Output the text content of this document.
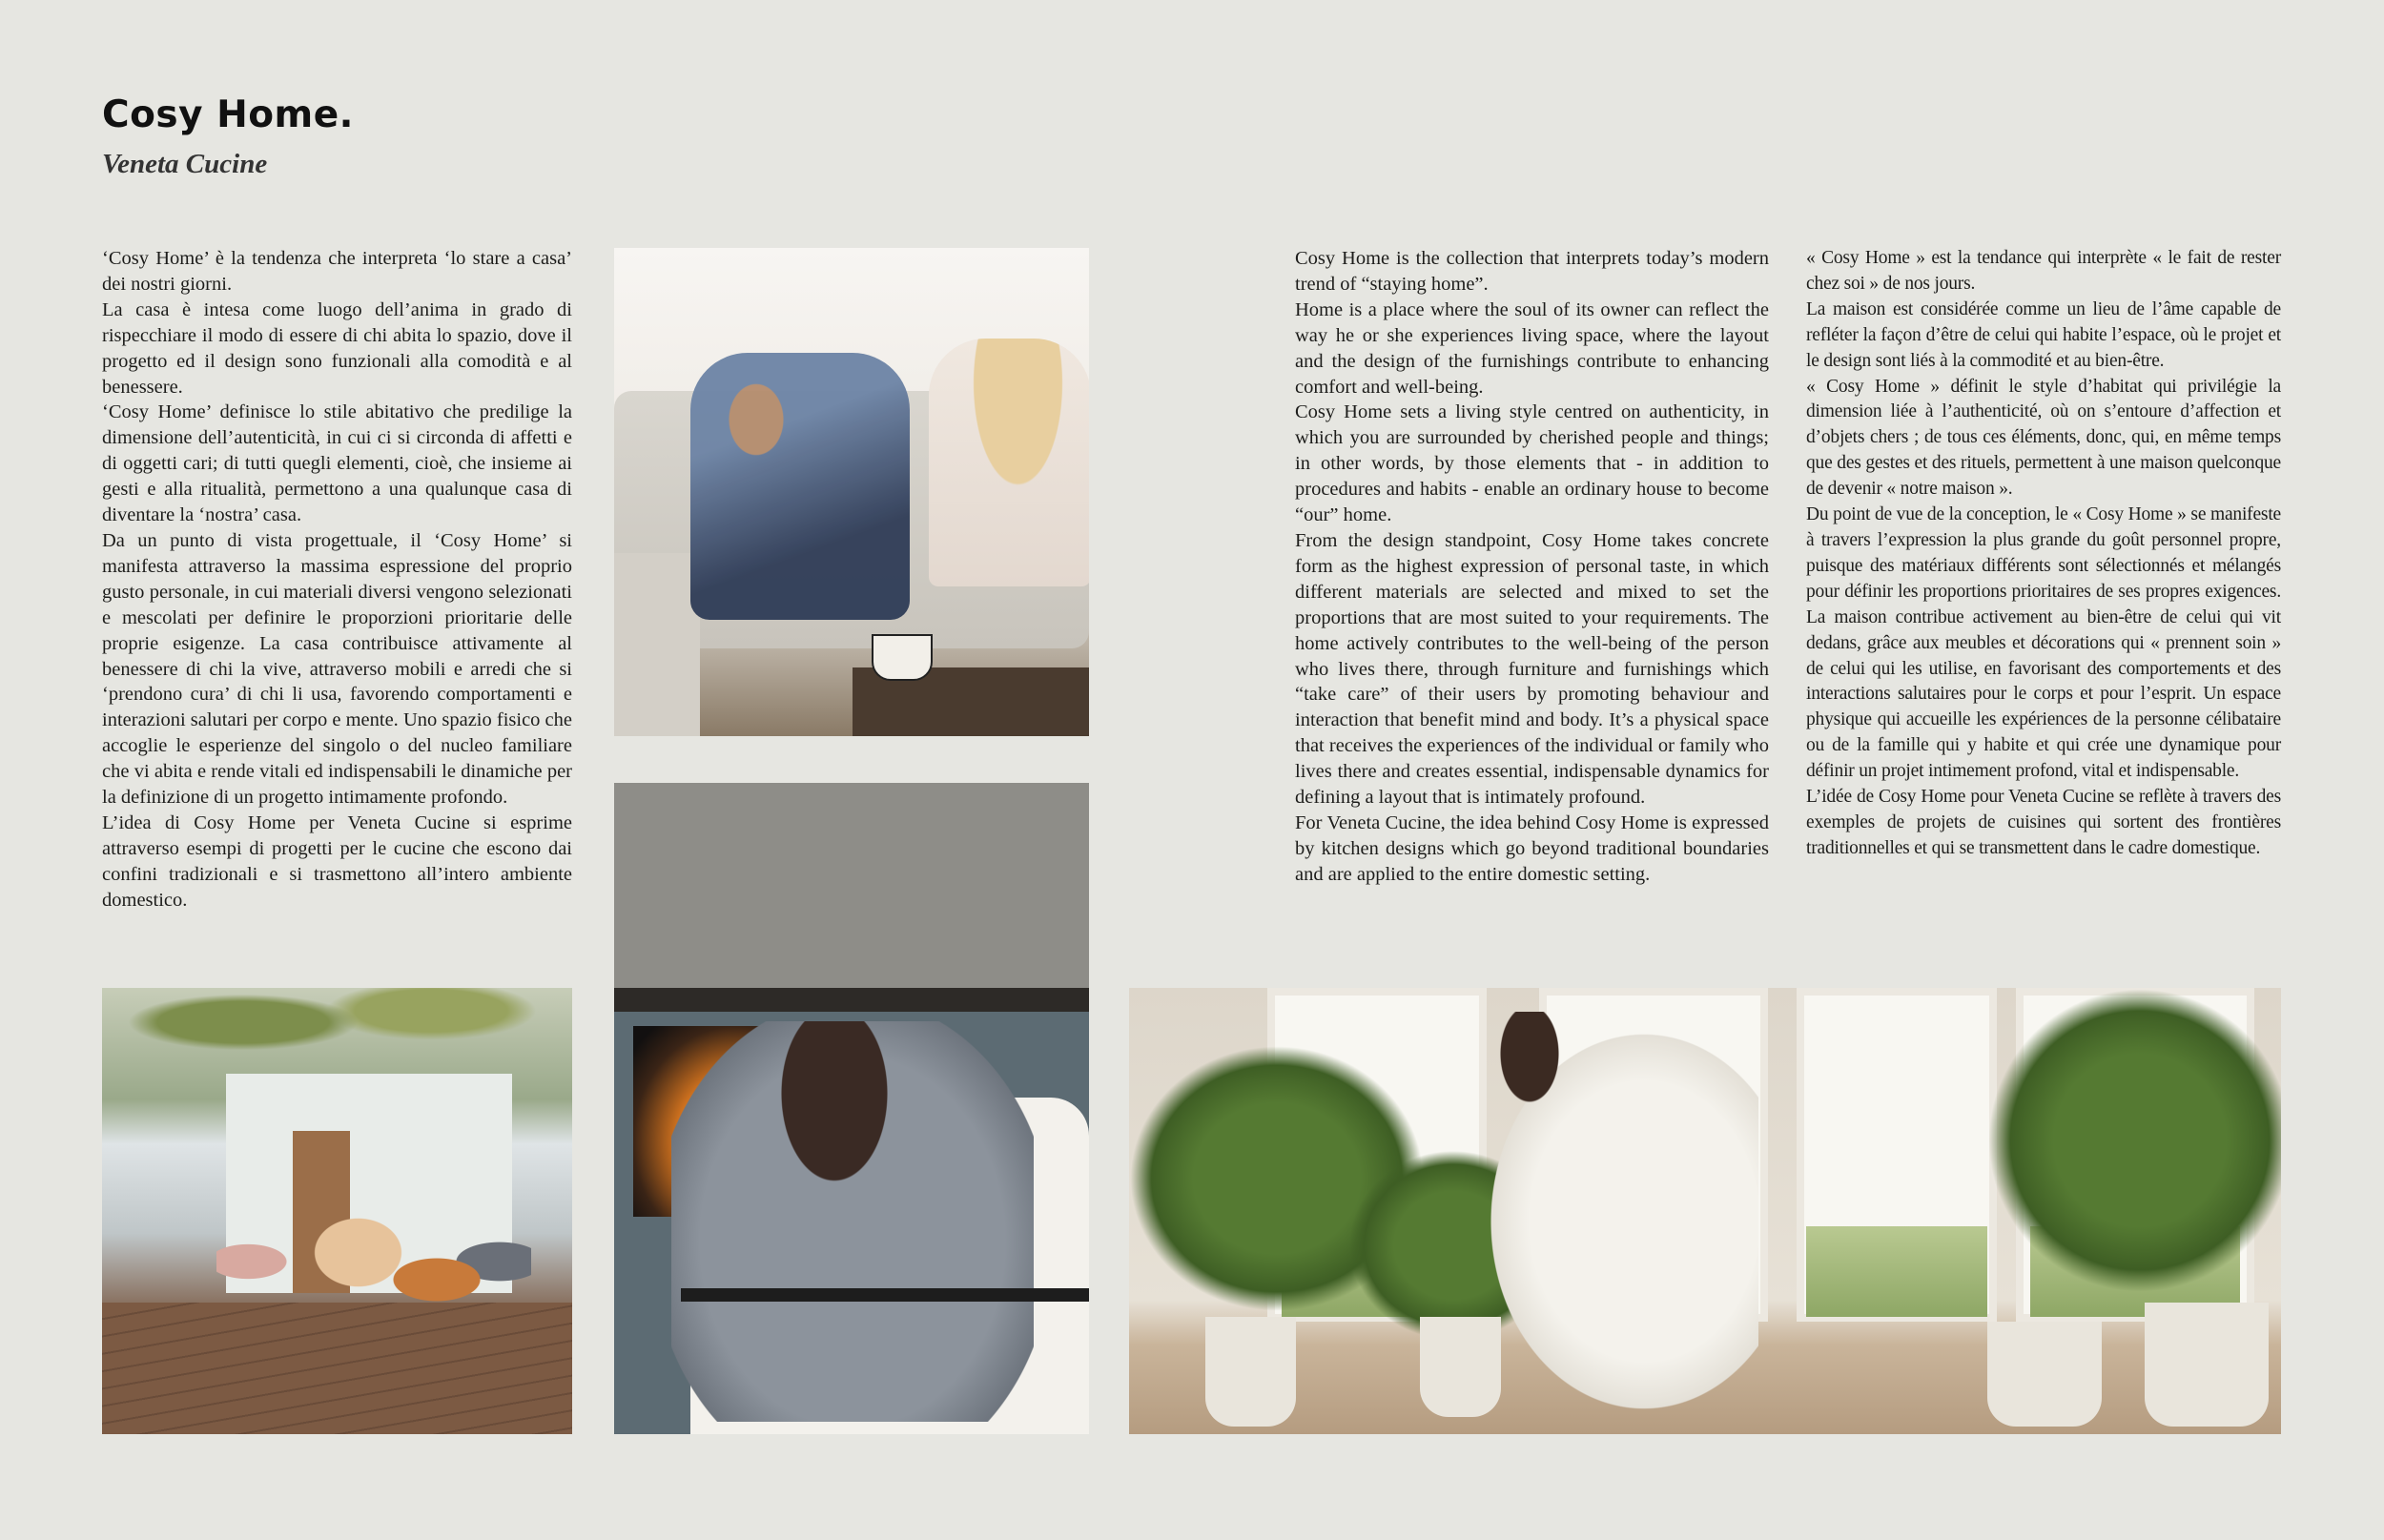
Cosy Home.
Veneta Cucine

‘Cosy Home’ è la tendenza che interpreta ‘lo stare a casa’ dei nostri giorni.

La casa è intesa come luogo dell’anima in grado di rispecchiare il modo di essere di chi abita lo spazio, dove il progetto ed il design sono funzionali alla comodità e al benessere.

‘Cosy Home’ definisce lo stile abitativo che predilige la dimensione dell’autenticità, in cui ci si circonda di affetti e di oggetti cari; di tutti quegli elementi, cioè, che insieme ai gesti e alla ritualità, permettono a una qualunque casa di diventare la ‘nostra’ casa.

Da un punto di vista progettuale, il ‘Cosy Home’ si manifesta attraverso la massima espressione del proprio gusto personale, in cui materiali diversi vengono selezionati e mescolati per definire le proporzioni prioritarie delle proprie esigenze. La casa contribuisce attivamente al benessere di chi la vive, attraverso mobili e arredi che si ‘prendono cura’ di chi li usa, favorendo comportamenti e interazioni salutari per corpo e mente. Uno spazio fisico che accoglie le esperienze del singolo o del nucleo familiare che vi abita e rende vitali ed indispensabili le dinamiche per la definizione di un progetto intimamente profondo.

L’idea di Cosy Home per Veneta Cucine si esprime attraverso esempi di progetti per le cucine che escono dai confini tradizionali e si trasmettono all’intero ambiente domestico.

Cosy Home is the collection that interprets today’s modern trend of “staying home”.

Home is a place where the soul of its owner can reflect the way he or she experiences living space, where the layout and the design of the furnishings contribute to enhancing comfort and well-being.

Cosy Home sets a living style centred on authenticity, in which you are surrounded by cherished people and things; in other words, by those elements that - in addition to procedures and habits - enable an ordinary house to become “our” home.

From the design standpoint, Cosy Home takes concrete form as the highest expression of personal taste, in which different materials are selected and mixed to set the proportions that are most suited to your requirements. The home actively contributes to the well-being of the person who lives there, through furniture and furnishings which “take care” of their users by promoting behaviour and interaction that benefit mind and body. It’s a physical space that receives the experiences of the individual or family who lives there and creates essential, indispensable dynamics for defining a layout that is intimately profound.

For Veneta Cucine, the idea behind Cosy Home is expressed by kitchen designs which go beyond traditional boundaries and are applied to the entire domestic setting.

« Cosy Home » est la tendance qui interprète « le fait de rester chez soi » de nos jours.

La maison est considérée comme un lieu de l’âme capable de refléter la façon d’être de celui qui habite l’espace, où le projet et le design sont liés à la commodité et au bien-être.

« Cosy Home » définit le style d’habitat qui privilégie la dimension liée à l’authenticité, où on s’entoure d’affection et d’objets chers ; de tous ces éléments, donc, qui, en même temps que des gestes et des rituels, permettent à une maison quelconque de devenir « notre maison ».

Du point de vue de la conception, le « Cosy Home » se manifeste à travers l’expression la plus grande du goût personnel propre, puisque des matériaux différents sont sélectionnés et mélangés pour définir les proportions prioritaires de ses propres exigences. La maison contribue activement au bien-être de celui qui vit dedans, grâce aux meubles et décorations qui « prennent soin » de celui qui les utilise, en favorisant des comportements et des interactions salutaires pour le corps et pour l’esprit. Un espace physique qui accueille les expériences de la personne célibataire ou de la famille qui y habite et qui crée une dynamique pour définir un projet intimement profond, vital et indispensable.

L’idée de Cosy Home pour Veneta Cucine se reflète à travers des exemples de projets de cuisines qui sortent des frontières traditionnelles et qui se transmettent dans le cadre domestique.
